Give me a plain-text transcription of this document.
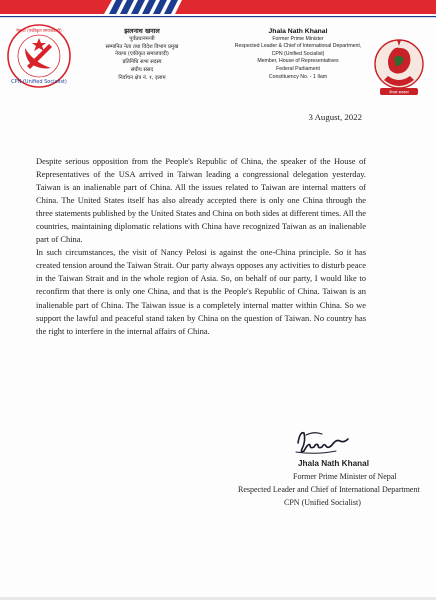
CPN (Unified Socialist)
नेकपा (एकीकृत समाजवादी)	झलनाथ खनाल
पूर्वप्रधानमन्त्री
सम्मानित नेता तथा विदेश विभाग प्रमुख
नेकपा (एकीकृत समाजवादी)
प्रतिनिधि सभा सदस्य
संघीय संसद
निर्वाचन क्षेत्र नं. १, इलाम
Jhala Nath Khanal
Former Prime Minister
Respected Leader & Chief of International Department,
CPN (Unified Socialist)
Member, House of Representatives
Federal Parliament
Constituency No. - 1 Ilam
नेपाल सरकार
3 August, 2022

Despite serious opposition from the People's Republic of China, the speaker of the House of Representatives of the USA arrived in Taiwan leading a congressional delegation yesterday. Taiwan is an inalienable part of China. All the issues related to Taiwan are internal matters of China. The United States itself has also already accepted there is only one China through the three statements published by the United States and China on both sides at different times. All the countries, maintaining diplomatic relations with China have recognized Taiwan as an inalienable part of China.

In such circumstances, the visit of Nancy Pelosi is against the one-China principle. So it has created tension around the Taiwan Strait. Our party always opposes any activities to disturb peace in the Taiwan Strait and in the whole region of Asia. So, on behalf of our party, I would like to reconfirm that there is only one China, and that is the People's Republic of China. Taiwan is an inalienable part of China. The Taiwan issue is a completely internal matter within China. So we support the lawful and peaceful stand taken by China on the question of Taiwan. No country has the right to interfere in the internal affairs of China.

Jhala Nath Khanal
Former Prime Minister of Nepal
Respected Leader and Chief of International Department
CPN (Unified Socialist)
